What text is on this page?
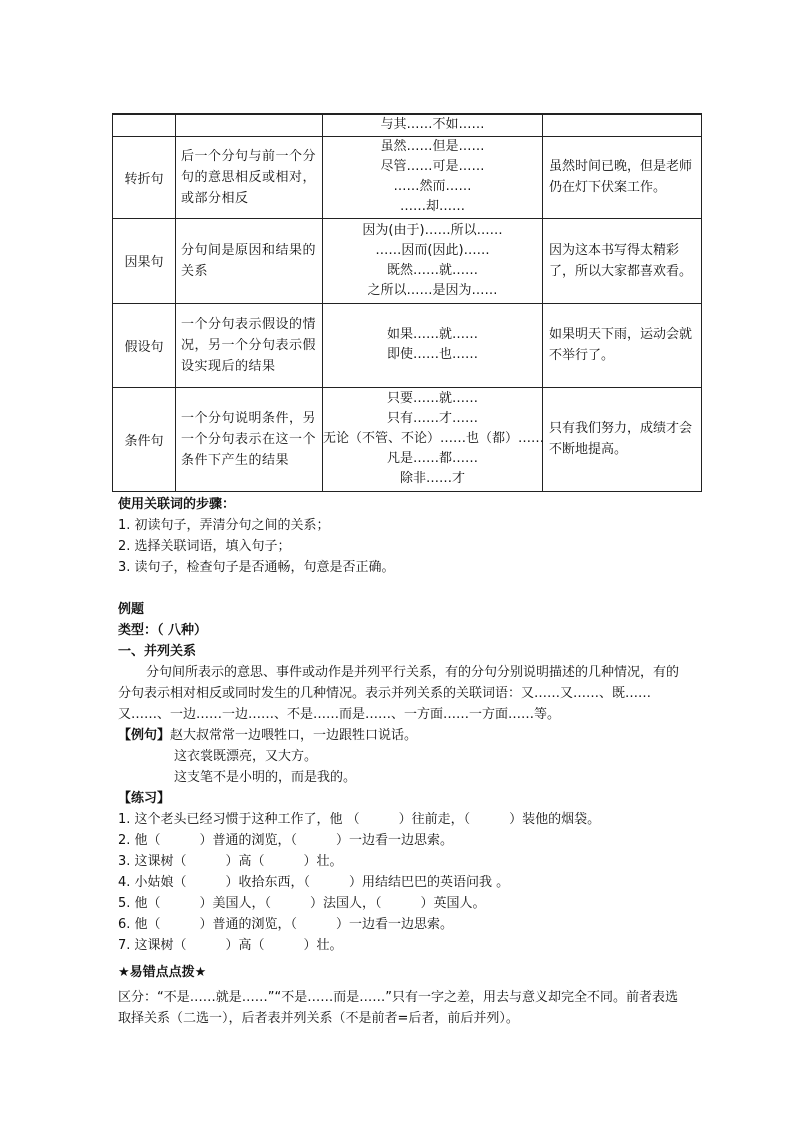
		与其……不如……	

转折句	后一个分句与前一个分句的意思相反或相对，或部分相反	虽然……但是……
尽管……可是……
……然而……
……却……	虽然时间已晚，但是老师仍在灯下伏案工作。
因果句	分句间是原因和结果的关系	因为(由于)……所以……
……因而(因此)……
既然……就……
之所以……是因为……	因为这本书写得太精彩了，所以大家都喜欢看。
假设句	一个分句表示假设的情况，另一个分句表示假设实现后的结果	如果……就……
即使……也……	如果明天下雨，运动会就不举行了。
条件句	一个分句说明条件，另一个分句表示在这一个条件下产生的结果	只要……就……
只有……才……
无论（不管、不论）……也（都）……
凡是……都……
除非……才	只有我们努力，成绩才会不断地提高。
使用关联词的步骤：
1. 初读句子，弄清分句之间的关系；
2. 选择关联词语，填入句子；
3. 读句子，检查句子是否通畅，句意是否正确。
例题
类型：（ 八种）
一、并列关系
分句间所表示的意思、事件或动作是并列平行关系，有的分句分别说明描述的几种情况，有的分句表示相对相反或同时发生的几种情况。表示并列关系的关联词语：又……又……、既……又……、一边……一边……、不是……而是……、一方面……一方面……等。
【例句】赵大叔常常一边喂牲口，一边跟牲口说话。
这衣裳既漂亮，又大方。
这支笔不是小明的，而是我的。
【练习】
1. 这个老头已经习惯于这种工作了，他 （　　　）往前走，（　　　）装他的烟袋。
2. 他（　　　）普通的浏览，（　　　）一边看一边思索。
3. 这课树（　　　）高（　　　）壮。
4. 小姑娘（　　　）收拾东西，（　　　）用结结巴巴的英语问我 。
5. 他（　　　）美国人，（　　　）法国人，（　　　）英国人。
6. 他（　　　）普通的浏览，（　　　）一边看一边思索。
7. 这课树（　　　）高（　　　）壮。
★易错点点拨★
区分：“不是……就是……”“不是……而是……”只有一字之差，用去与意义却完全不同。前者表选取择关系（二选一），后者表并列关系（不是前者=后者，前后并列）。
